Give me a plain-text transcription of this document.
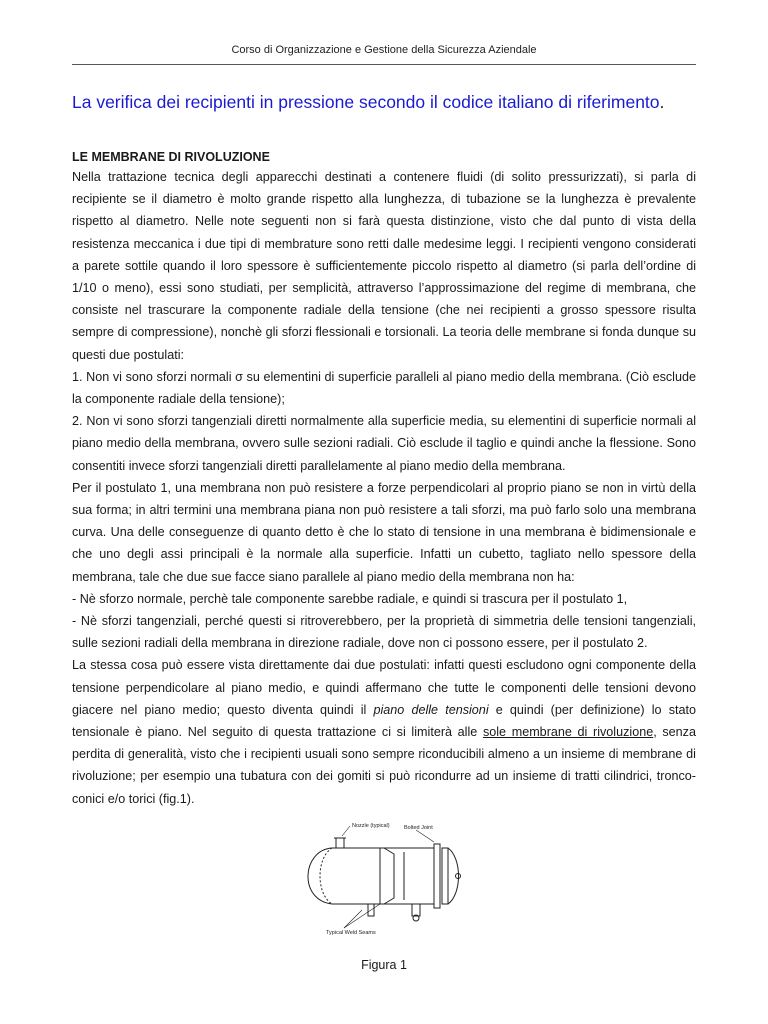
Corso di Organizzazione e Gestione della Sicurezza Aziendale
La verifica dei recipienti in pressione secondo il codice italiano di riferimento.
LE MEMBRANE DI RIVOLUZIONE

Nella trattazione tecnica degli apparecchi destinati a contenere fluidi (di solito pressurizzati), si parla di recipiente se il diametro è molto grande rispetto alla lunghezza, di tubazione se la lunghezza è prevalente rispetto al diametro. Nelle note seguenti non si farà questa distinzione, visto che dal punto di vista della resistenza meccanica i due tipi di membrature sono retti dalle medesime leggi. I recipienti vengono considerati a parete sottile quando il loro spessore è sufficientemente piccolo rispetto al diametro (si parla dell’ordine di 1/10 o meno), essi sono studiati, per semplicità, attraverso l’approssimazione del regime di membrana, che consiste nel trascurare la componente radiale della tensione (che nei recipienti a grosso spessore risulta sempre di compressione), nonchè gli sforzi flessionali e torsionali. La teoria delle membrane si fonda dunque su questi due postulati:

1. Non vi sono sforzi normali σ su elementini di superficie paralleli al piano medio della membrana. (Ciò esclude la componente radiale della tensione);

2. Non vi sono sforzi tangenziali diretti normalmente alla superficie media, su elementini di superficie normali al piano medio della membrana, ovvero sulle sezioni radiali. Ciò esclude il taglio e quindi anche la flessione. Sono consentiti invece sforzi tangenziali diretti parallelamente al piano medio della membrana.

Per il postulato 1, una membrana non può resistere a forze perpendicolari al proprio piano se non in virtù della sua forma; in altri termini una membrana piana non può resistere a tali sforzi, ma può farlo solo una membrana curva. Una delle conseguenze di quanto detto è che lo stato di tensione in una membrana è bidimensionale e che uno degli assi principali è la normale alla superficie. Infatti un cubetto, tagliato nello spessore della membrana, tale che due sue facce siano parallele al piano medio della membrana non ha:

- Nè sforzo normale, perchè tale componente sarebbe radiale, e quindi si trascura per il postulato 1,

- Nè sforzi tangenziali, perché questi si ritroverebbero, per la proprietà di simmetria delle tensioni tangenziali, sulle sezioni radiali della membrana in direzione radiale, dove non ci possono essere, per il postulato 2.

La stessa cosa può essere vista direttamente dai due postulati: infatti questi escludono ogni componente della tensione perpendicolare al piano medio, e quindi affermano che tutte le componenti delle tensioni devono giacere nel piano medio; questo diventa quindi il piano delle tensioni e quindi (per definizione) lo stato tensionale è piano. Nel seguito di questa trattazione ci si limiterà alle sole membrane di rivoluzione, senza perdita di generalità, visto che i recipienti usuali sono sempre riconducibili almeno a un insieme di membrane di rivoluzione; per esempio una tubatura con dei gomiti si può ricondurre ad un insieme di tratti cilindrici, tronco-conici e/o torici (fig.1).

Nozzle (typical)	Bolted Joint
Typical Weld Seams
Figura 1
